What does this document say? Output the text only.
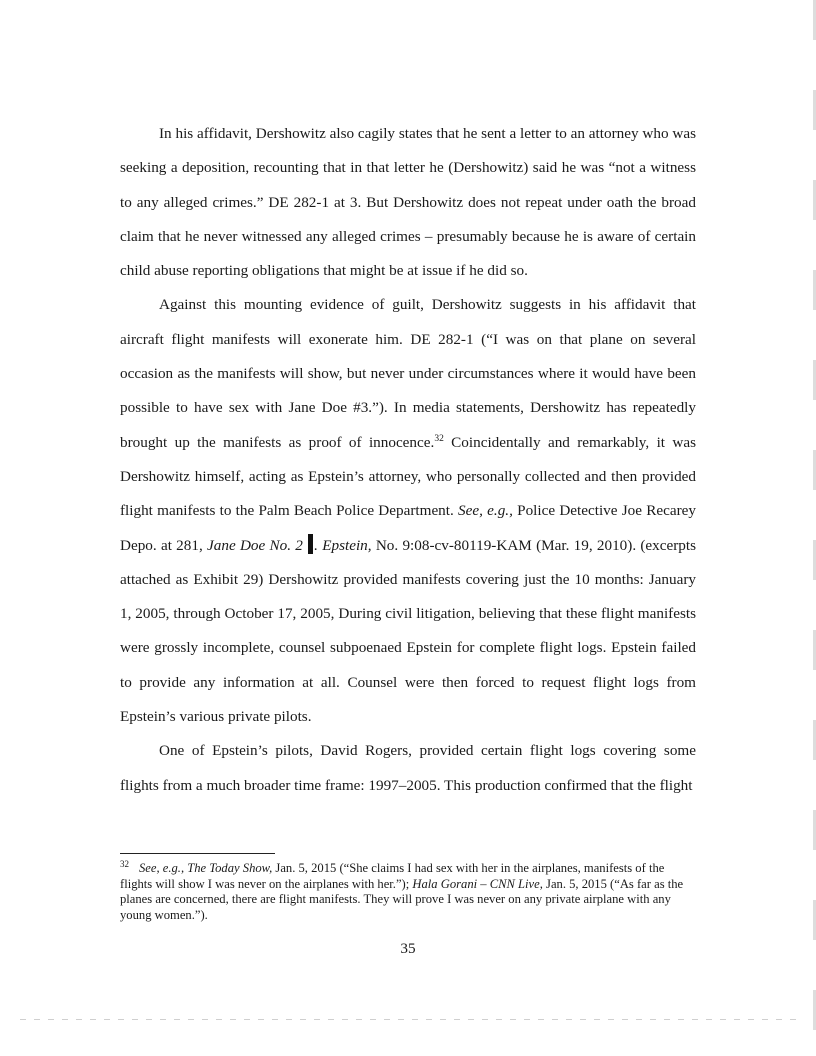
In his affidavit, Dershowitz also cagily states that he sent a letter to an attorney who was seeking a deposition, recounting that in that letter he (Dershowitz) said he was “not a witness to any alleged crimes.” DE 282-1 at 3. But Dershowitz does not repeat under oath the broad claim that he never witnessed any alleged crimes – presumably because he is aware of certain child abuse reporting obligations that might be at issue if he did so.

Against this mounting evidence of guilt, Dershowitz suggests in his affidavit that aircraft flight manifests will exonerate him. DE 282-1 (“I was on that plane on several occasion as the manifests will show, but never under circumstances where it would have been possible to have sex with Jane Doe #3.”). In media statements, Dershowitz has repeatedly brought up the manifests as proof of innocence.$^{32}$ Coincidentally and remarkably, it was Dershowitz himself, acting as Epstein’s attorney, who personally collected and then provided flight manifests to the Palm Beach Police Department. See, e.g., Police Detective Joe Recarey Depo. at 281, Jane Doe No. 2 . Epstein, No. 9:08-cv-80119-KAM (Mar. 19, 2010). (excerpts attached as Exhibit 29) Dershowitz provided manifests covering just the 10 months: January 1, 2005, through October 17, 2005, During civil litigation, believing that these flight manifests were grossly incomplete, counsel subpoenaed Epstein for complete flight logs. Epstein failed to provide any information at all. Counsel were then forced to request flight logs from Epstein’s various private pilots.

One of Epstein’s pilots, David Rogers, provided certain flight logs covering some flights from a much broader time frame: 1997–2005. This production confirmed that the flight

$^{32}$ See, e.g., The Today Show, Jan. 5, 2015 (“She claims I had sex with her in the airplanes, manifests of the flights will show I was never on the airplanes with her.”); Hala Gorani – CNN Live, Jan. 5, 2015 (“As far as the planes are concerned, there are flight manifests. They will prove I was never on any private airplane with any young women.”).
35
